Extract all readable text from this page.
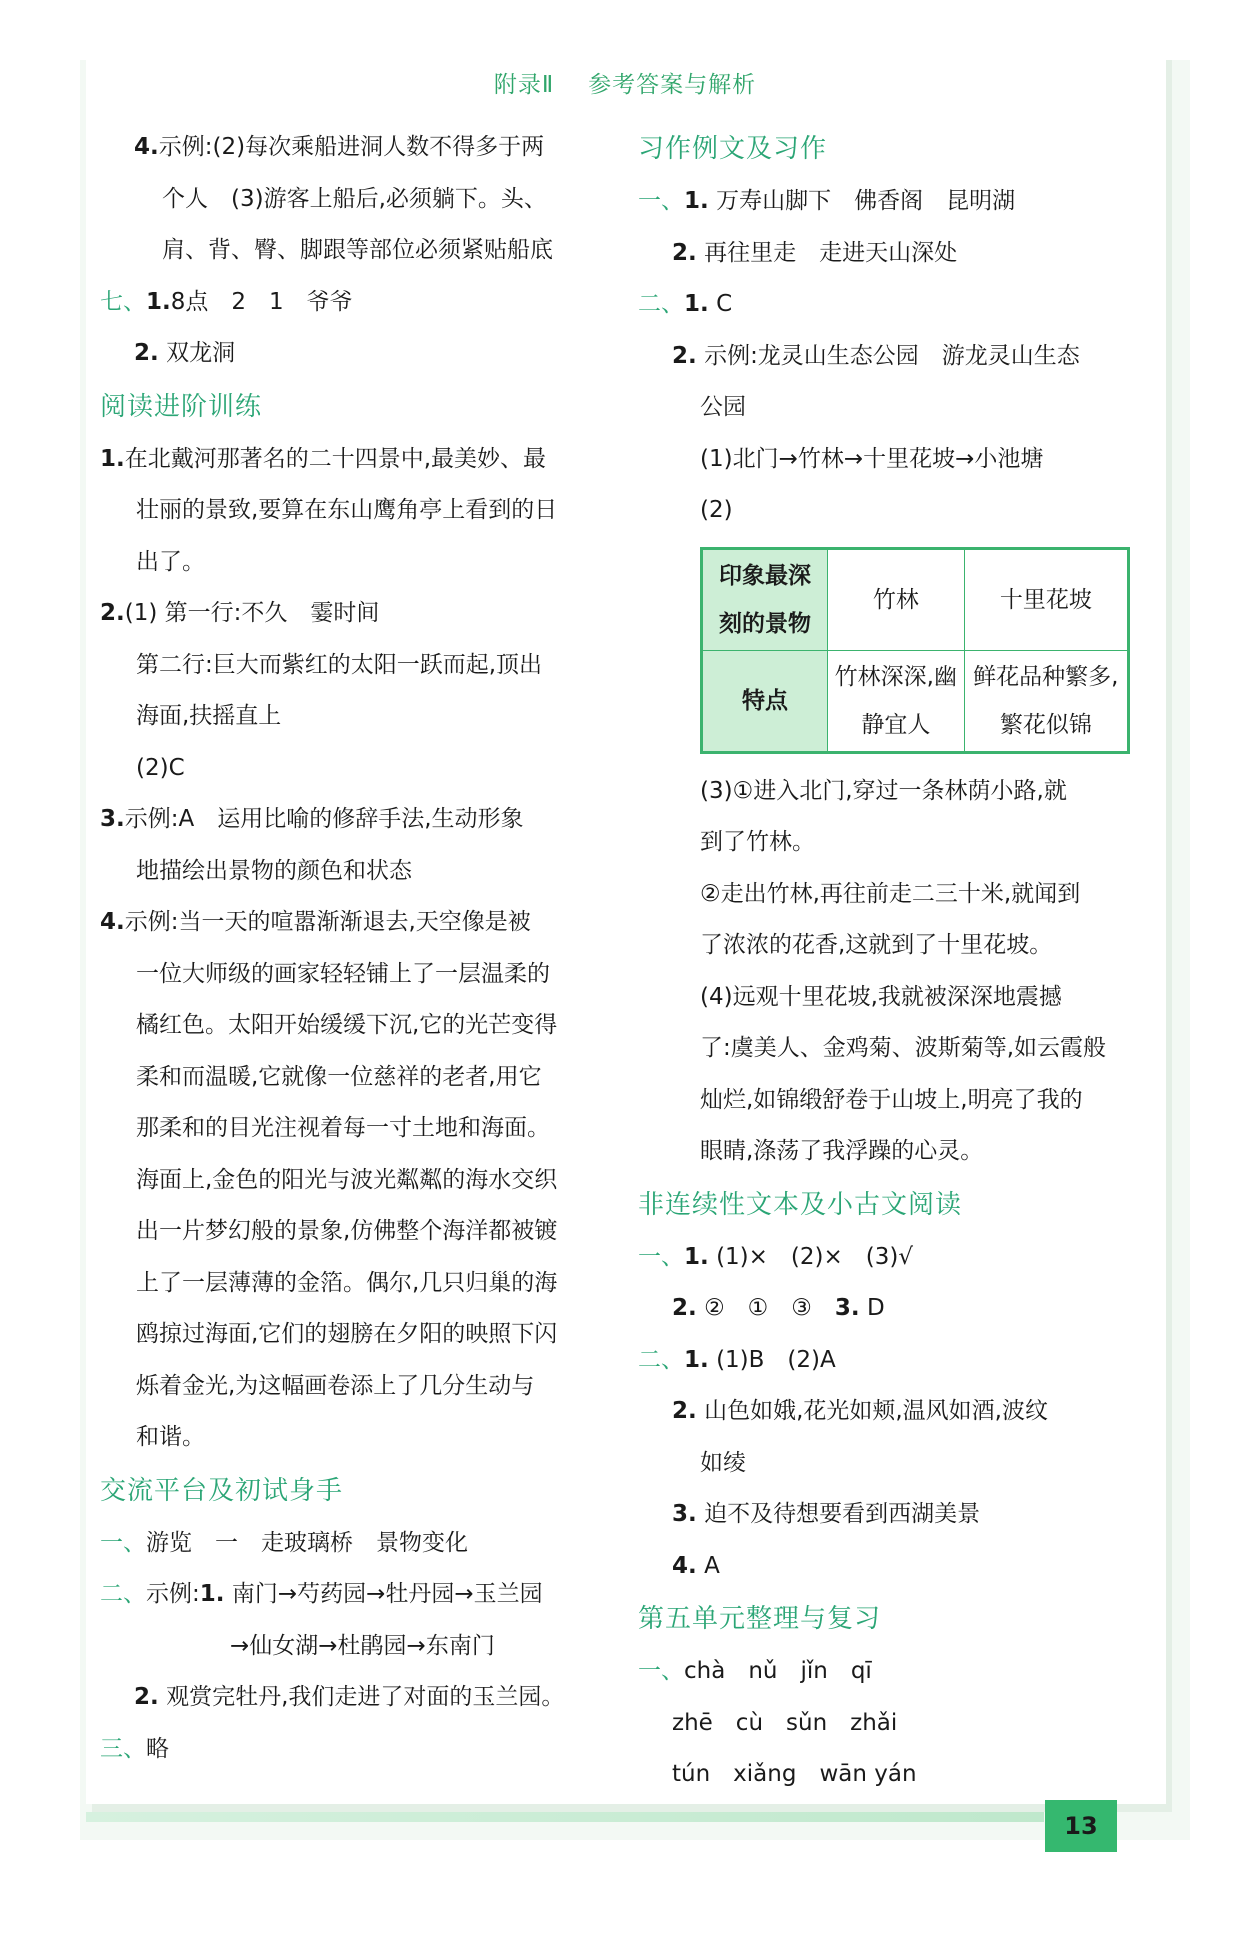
附录Ⅱ 参考答案与解析
4.示例:(2)每次乘船进洞人数不得多于两
个人　(3)游客上船后,必须躺下。头、
肩、背、臀、脚跟等部位必须紧贴船底
七、1.8点　2　1　爷爷
2. 双龙洞
阅读进阶训练
1.在北戴河那著名的二十四景中,最美妙、最
壮丽的景致,要算在东山鹰角亭上看到的日
出了。
2.(1) 第一行:不久　霎时间
第二行:巨大而紫红的太阳一跃而起,顶出
海面,扶摇直上
(2)C
3.示例:A　运用比喻的修辞手法,生动形象
地描绘出景物的颜色和状态
4.示例:当一天的喧嚣渐渐退去,天空像是被
一位大师级的画家轻轻铺上了一层温柔的
橘红色。太阳开始缓缓下沉,它的光芒变得
柔和而温暖,它就像一位慈祥的老者,用它
那柔和的目光注视着每一寸土地和海面。
海面上,金色的阳光与波光粼粼的海水交织
出一片梦幻般的景象,仿佛整个海洋都被镀
上了一层薄薄的金箔。偶尔,几只归巢的海
鸥掠过海面,它们的翅膀在夕阳的映照下闪
烁着金光,为这幅画卷添上了几分生动与
和谐。
交流平台及初试身手
一、游览　一　走玻璃桥　景物变化
二、示例:1. 南门→芍药园→牡丹园→玉兰园
→仙女湖→杜鹃园→东南门
2. 观赏完牡丹,我们走进了对面的玉兰园。
三、略
习作例文及习作
一、1. 万寿山脚下　佛香阁　昆明湖
2. 再往里走　走进天山深处
二、1. C
2. 示例:龙灵山生态公园　游龙灵山生态
公园
(1)北门→竹林→十里花坡→小池塘
(2)
印象最深刻的景物	竹林	十里花坡
特点	竹林深深,幽静宜人	鲜花品种繁多,繁花似锦
(3)①进入北门,穿过一条林荫小路,就
到了竹林。
②走出竹林,再往前走二三十米,就闻到
了浓浓的花香,这就到了十里花坡。
(4)远观十里花坡,我就被深深地震撼
了:虞美人、金鸡菊、波斯菊等,如云霞般
灿烂,如锦缎舒卷于山坡上,明亮了我的
眼睛,涤荡了我浮躁的心灵。
非连续性文本及小古文阅读
一、1. (1)×　(2)×　(3)√
2. ②　①　③　 3. D
二、1. (1)B　(2)A
2. 山色如娥,花光如颊,温风如酒,波纹
如绫
3. 迫不及待想要看到西湖美景
4. A
第五单元整理与复习
一、chà　nǔ　jǐn　qī
zhē　cù　sǔn　zhǎi
tún　xiǎng　wān yán
13
